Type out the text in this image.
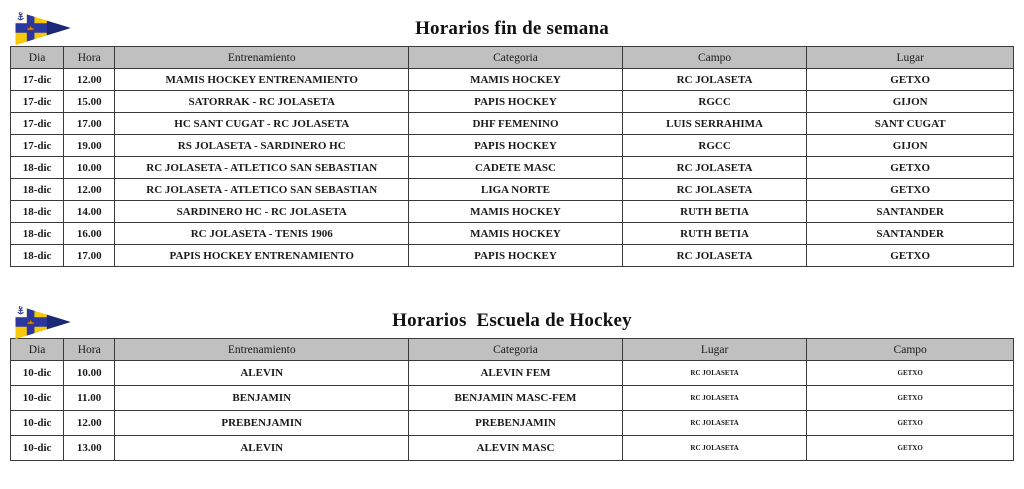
Horarios fin de semana
Dia	Hora	Entrenamiento	Categoria	Campo	Lugar
17-dic	12.00	MAMIS HOCKEY ENTRENAMIENTO	MAMIS HOCKEY	RC JOLASETA	GETXO
17-dic	15.00	SATORRAK - RC JOLASETA	PAPIS HOCKEY	RGCC	GIJON
17-dic	17.00	HC SANT CUGAT - RC JOLASETA	DHF FEMENINO	LUIS SERRAHIMA	SANT CUGAT
17-dic	19.00	RS JOLASETA - SARDINERO HC	PAPIS HOCKEY	RGCC	GIJON
18-dic	10.00	RC JOLASETA - ATLETICO SAN SEBASTIAN	CADETE MASC	RC JOLASETA	GETXO
18-dic	12.00	RC JOLASETA - ATLETICO SAN SEBASTIAN	LIGA NORTE	RC JOLASETA	GETXO
18-dic	14.00	SARDINERO HC - RC JOLASETA	MAMIS HOCKEY	RUTH BETIA	SANTANDER
18-dic	16.00	RC JOLASETA - TENIS 1906	MAMIS HOCKEY	RUTH BETIA	SANTANDER
18-dic	17.00	PAPIS HOCKEY ENTRENAMIENTO	PAPIS HOCKEY	RC JOLASETA	GETXO
Horarios  Escuela de Hockey
Dia	Hora	Entrenamiento	Categoria	Lugar	Campo
10-dic	10.00	ALEVIN	ALEVIN FEM	RC JOLASETA	GETXO
10-dic	11.00	BENJAMIN	BENJAMIN MASC-FEM	RC JOLASETA	GETXO
10-dic	12.00	PREBENJAMIN	PREBENJAMIN	RC JOLASETA	GETXO
10-dic	13.00	ALEVIN	ALEVIN MASC	RC JOLASETA	GETXO
